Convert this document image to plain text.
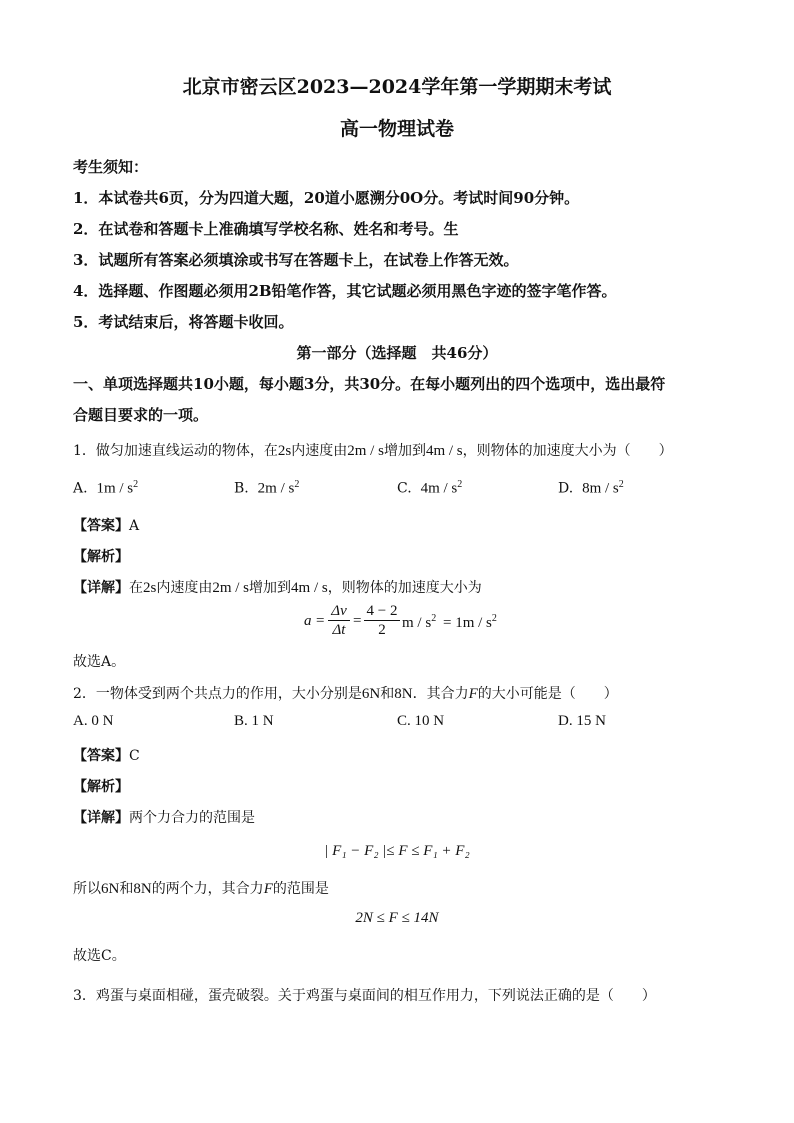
北京市密云区2023—2024学年第一学期期末考试
高一物理试卷
考生须知：
1．本试卷共6页，分为四道大题，20道小愿溯分0O分。考试时间90分钟。
2．在试卷和答题卡上准确填写学校名称、姓名和考号。生
3．试题所有答案必须填涂或书写在答题卡上，在试卷上作答无效。
4．选择题、作图题必须用2B铅笔作答，其它试题必须用黑色字迹的签字笔作答。
5．考试结束后，将答题卡收回。
第一部分（选择题　共46分）
一、单项选择题共10小题，每小题3分，共30分。在每小题列出的四个选项中，选出最符
合题目要求的一项。
1．做匀加速直线运动的物体，在2s内速度由2m / s增加到4m / s，则物体的加速度大小为（　　）
A. $1m / s^2$	B. $2m / s^2$	C. $4m / s^2$	D. $8m / s^2$
【答案】A
【解析】
【详解】在2s内速度由2m / s增加到4m / s，则物体的加速度大小为
$a = \frac{\Delta v}{\Delta t} = \frac{4 - 2}{2}$ $m / s^2 = 1m / s^2$
故选A。
2．一物体受到两个共点力的作用，大小分别是6N和8N．其合力F的大小可能是（　　）
A. 0 N	B. 1 N	C. 10 N	D. 15 N
【答案】C
【解析】
【详解】两个力合力的范围是
| F₁ − F₂ |≤ F ≤ F₁ + F₂
所以6N和8N的两个力，其合力F的范围是
2N ≤ F ≤ 14N
故选C。
3．鸡蛋与桌面相碰，蛋壳破裂。关于鸡蛋与桌面间的相互作用力，下列说法正确的是（　　）
